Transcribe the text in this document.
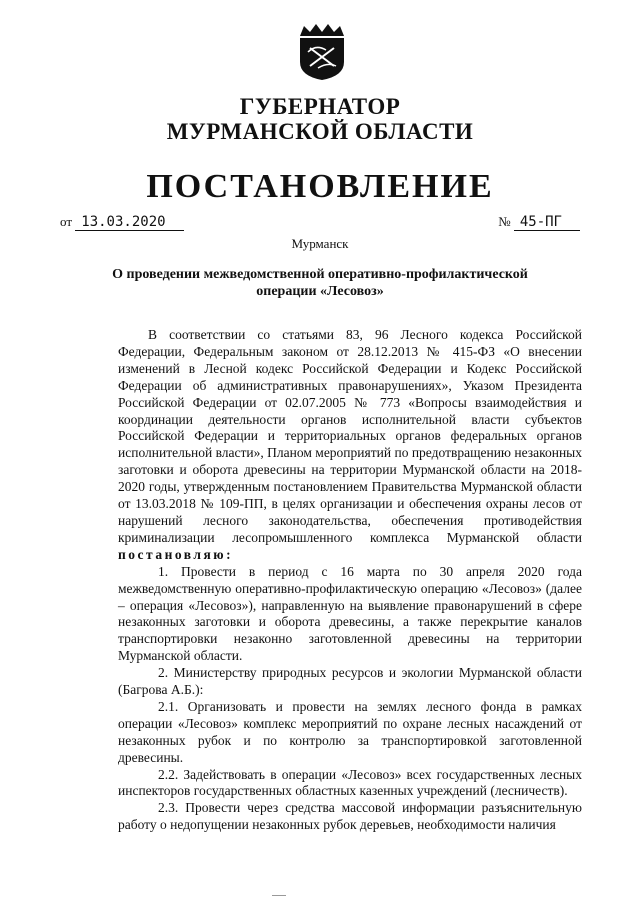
ГУБЕРНАТОР
МУРМАНСКОЙ ОБЛАСТИ
ПОСТАНОВЛЕНИЕ
от 13.03.2020	№ 45-ПГ
Мурманск
О проведении межведомственной оперативно-профилактической
операции «Лесовоз»

В соответствии со статьями 83, 96 Лесного кодекса Российской Федерации, Федеральным законом от 28.12.2013 № 415-ФЗ «О внесении изменений в Лесной кодекс Российской Федерации и Кодекс Российской Федерации об административных правонарушениях», Указом Президента Российской Федерации от 02.07.2005 № 773 «Вопросы взаимодействия и координации деятельности органов исполнительной власти субъектов Российской Федерации и территориальных органов федеральных органов исполнительной власти», Планом мероприятий по предотвращению незаконных заготовки и оборота древесины на территории Мурманской области на 2018-2020 годы, утвержденным постановлением Правительства Мурманской области от 13.03.2018 № 109-ПП, в целях организации и обеспечения охраны лесов от нарушений лесного законодательства, обеспечения противодействия криминализации лесопромышленного комплекса Мурманской области постановляю:

1. Провести в период с 16 марта по 30 апреля 2020 года межведомственную оперативно-профилактическую операцию «Лесовоз» (далее – операция «Лесовоз»), направленную на выявление правонарушений в сфере незаконных заготовки и оборота древесины, а также перекрытие каналов транспортировки незаконно заготовленной древесины на территории Мурманской области.

2. Министерству природных ресурсов и экологии Мурманской области (Багрова А.Б.):

2.1. Организовать и провести на землях лесного фонда в рамках операции «Лесовоз» комплекс мероприятий по охране лесных насаждений от незаконных рубок и по контролю за транспортировкой заготовленной древесины.

2.2. Задействовать в операции «Лесовоз» всех государственных лесных инспекторов государственных областных казенных учреждений (лесничеств).

2.3. Провести через средства массовой информации разъяснительную работу о недопущении незаконных рубок деревьев, необходимости наличия
